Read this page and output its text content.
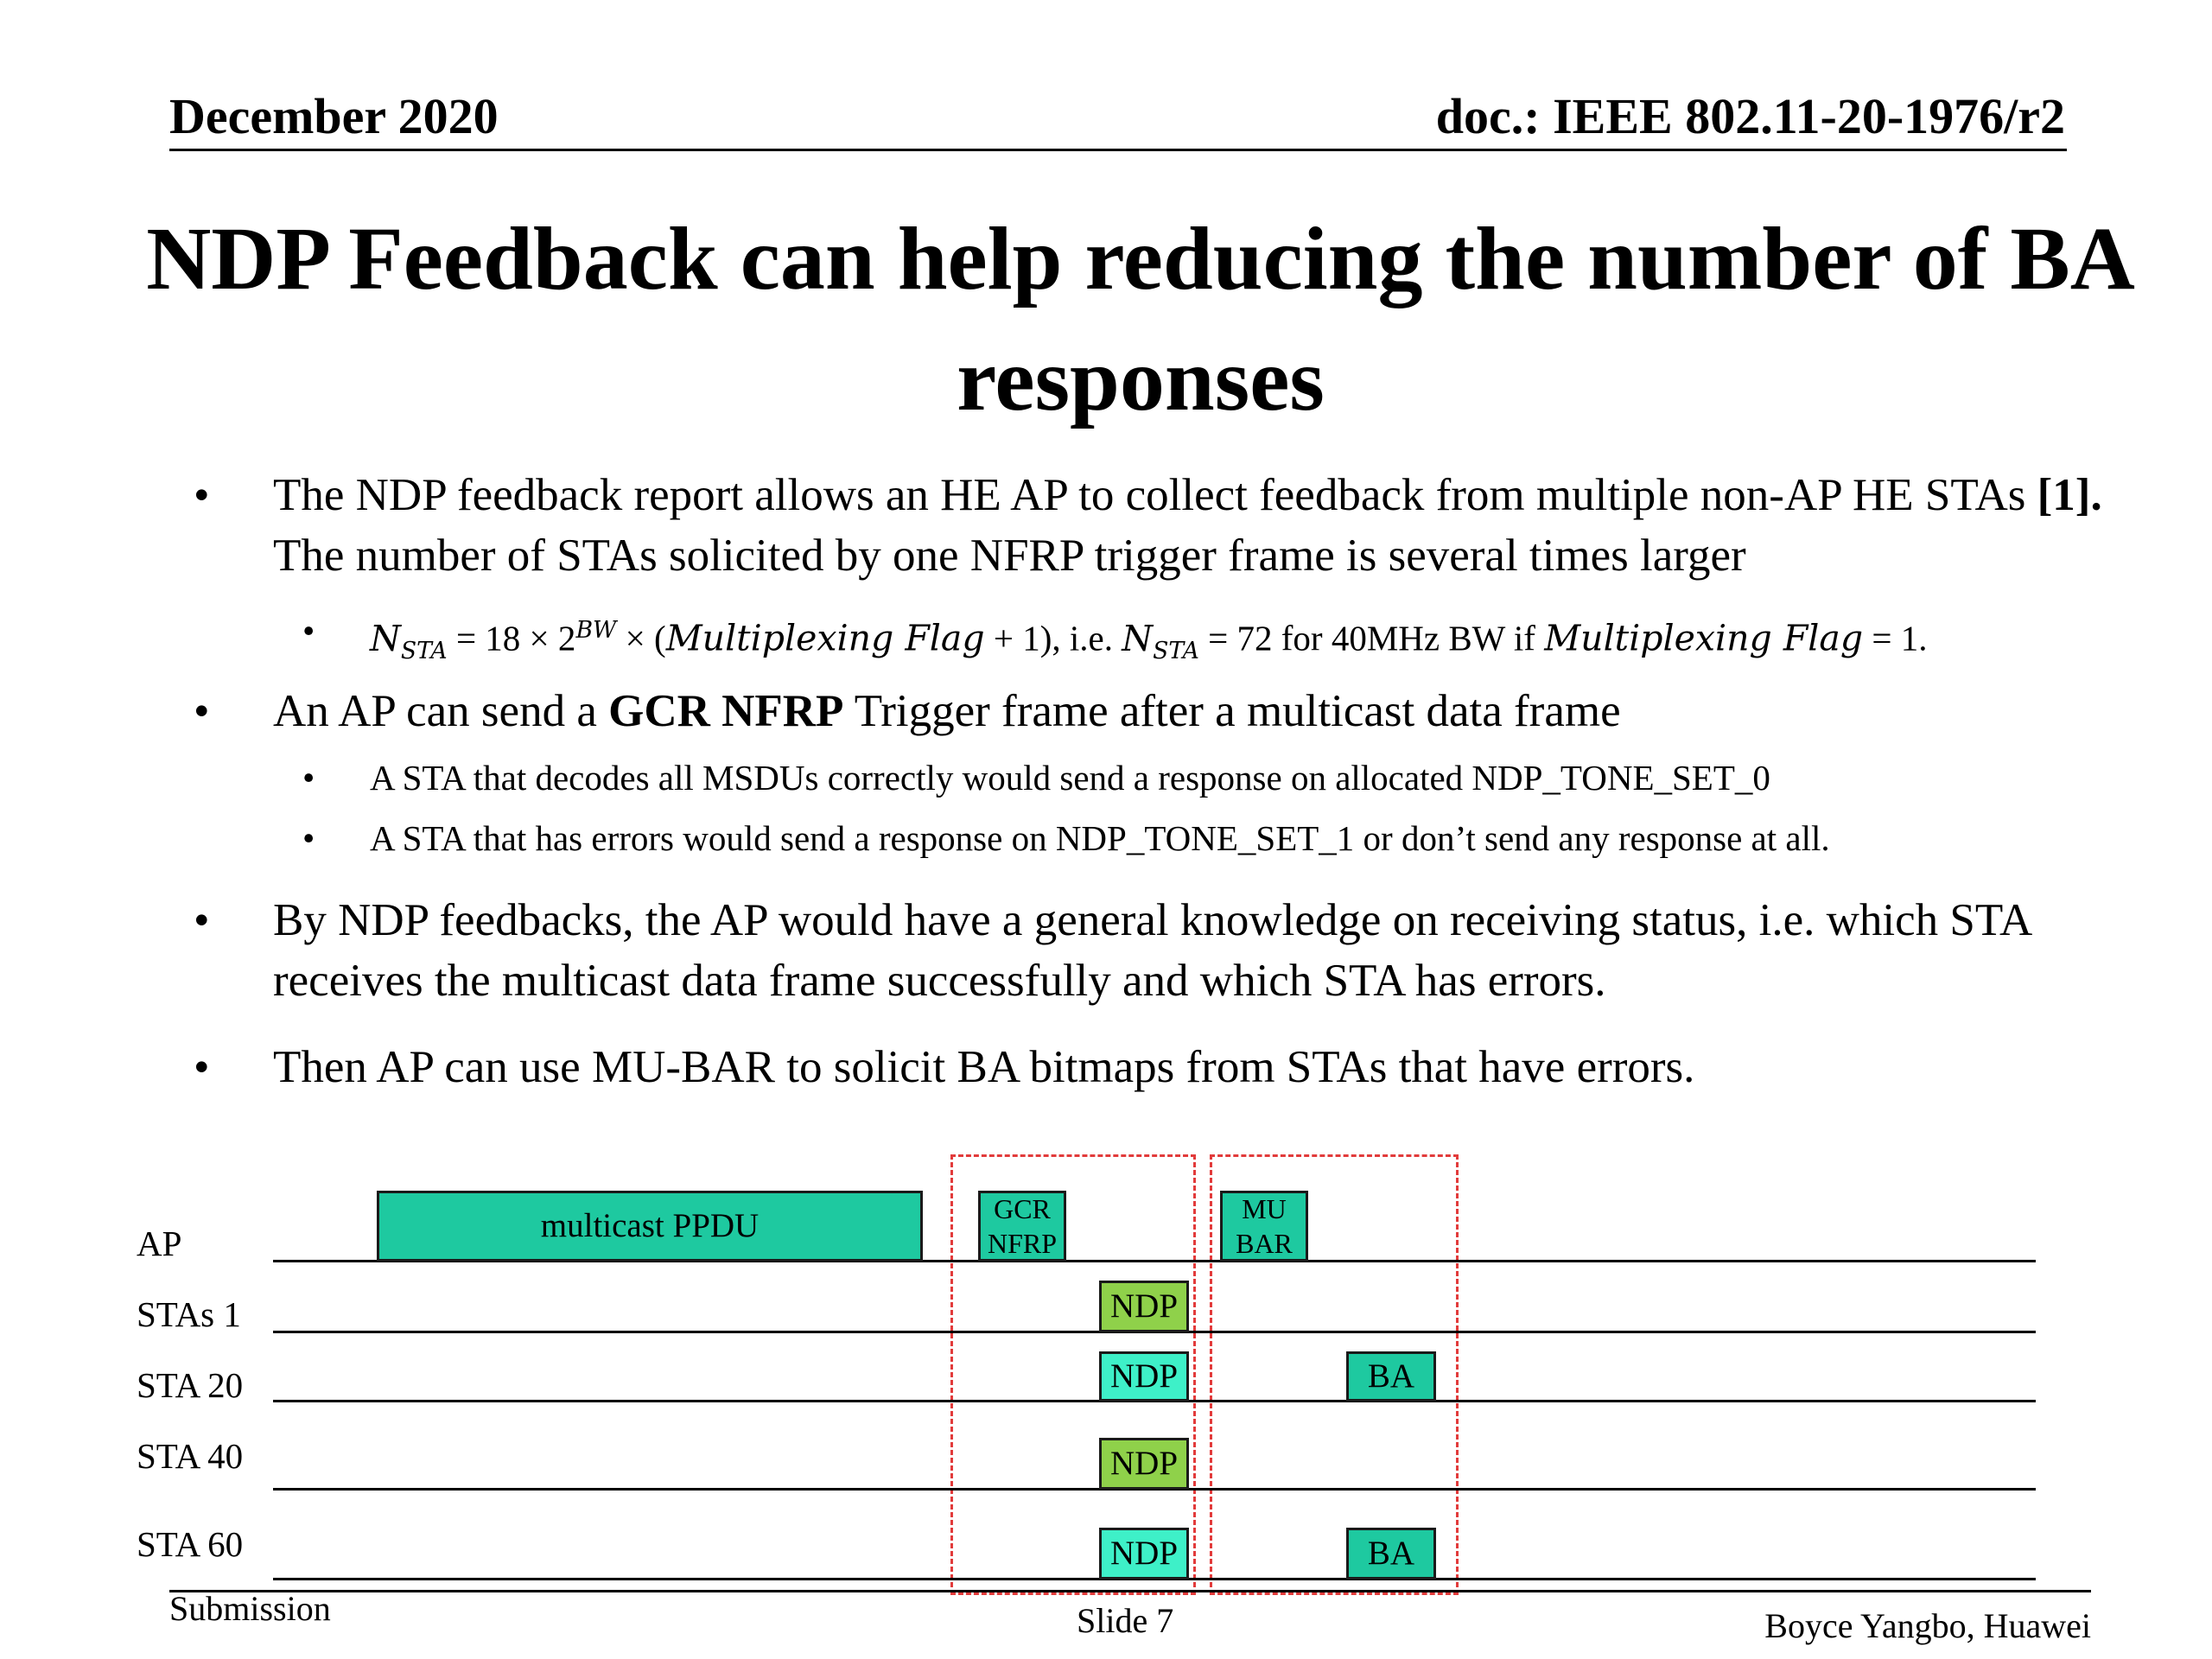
December 2020	doc.: IEEE 802.11-20-1976/r2
NDP Feedback can help reducing the number of BA responses
• The NDP feedback report allows an HE AP to collect feedback from multiple non-AP HE STAs [1]. The number of STAs solicited by one NFRP trigger frame is several times larger
• $N_{STA} = 18 \times 2^{BW}$ × (Multiplexing Flag + 1), i.e. $N_{STA} = 72$ for 40MHz BW if Multiplexing Flag = 1.
• An AP can send a GCR NFRP Trigger frame after a multicast data frame
• A STA that decodes all MSDUs correctly would send a response on allocated NDP_TONE_SET_0
• A STA that has errors would send a response on NDP_TONE_SET_1 or don’t send any response at all.
• By NDP feedbacks, the AP would have a general knowledge on receiving status, i.e. which STA receives the multicast data frame successfully and which STA has errors.
• Then AP can use MU-BAR to solicit BA bitmaps from STAs that have errors.
AP
STAs 1
STA 20
STA 40
STA 60
multicast PPDU	GCR
NFRP
MU
BAR
NDP
NDP
NDP
NDP
BA
BA
Submission	Slide 7	Boyce Yangbo, Huawei
